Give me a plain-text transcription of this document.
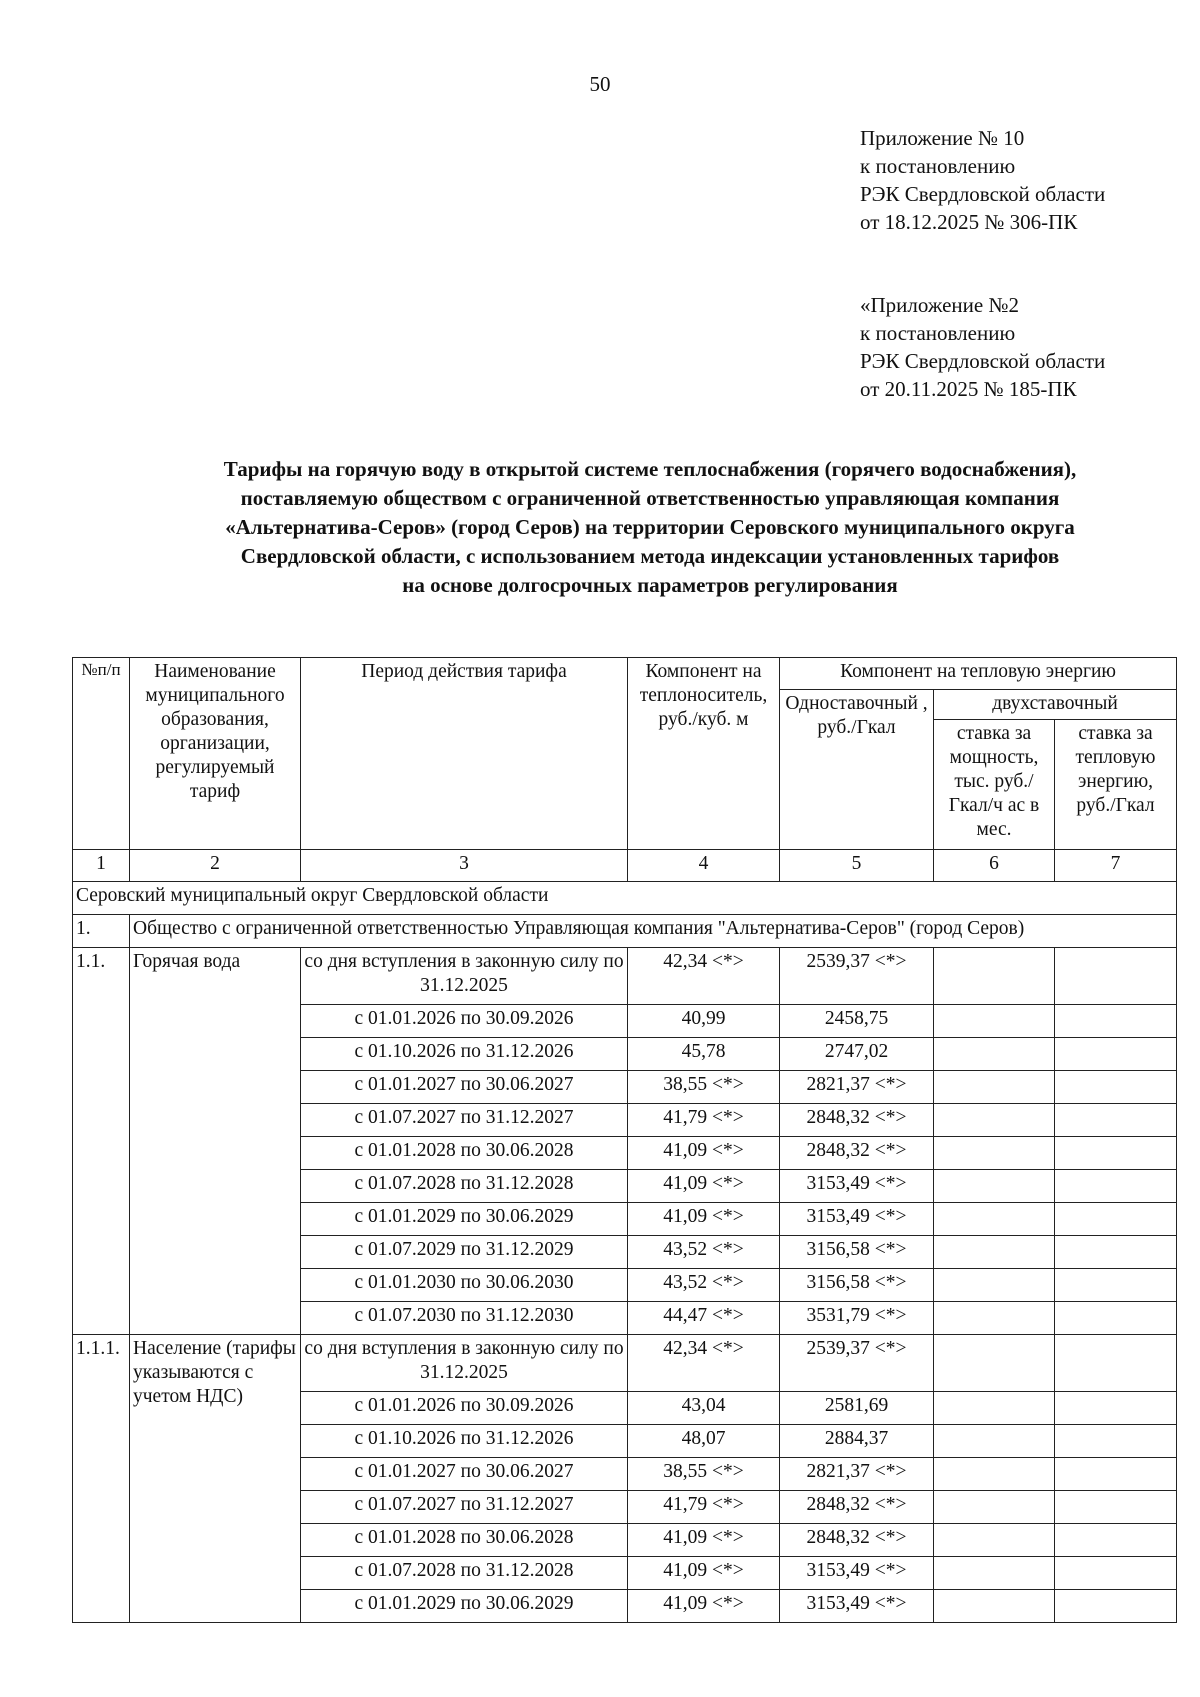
50
Приложение № 10
к постановлению
РЭК Свердловской области
от 18.12.2025 № 306-ПК
«Приложение №2
к постановлению
РЭК Свердловской области
от 20.11.2025 № 185-ПК
Тарифы на горячую воду в открытой системе теплоснабжения (горячего водоснабжения),
поставляемую обществом с ограниченной ответственностью управляющая компания
«Альтернатива-Серов» (город Серов) на территории Серовского муниципального округа
Свердловской области, с использованием метода индексации установленных тарифов
на основе долгосрочных параметров регулирования
№п/п	Наименование муниципального образования, организации, регулируемый тариф	Период действия тарифа	Компонент на теплоноситель, руб./куб. м	Компонент на тепловую энергию		
				Одноставочный , руб./Гкал	двухставочный	
					ставка за мощность, тыс. руб./Гкал/ч ас в мес.	ставка за тепловую энергию, руб./Гкал
1	2	3	4	5	6	7
Серовский муниципальный округ Свердловской области						
1.	Общество с ограниченной ответственностью Управляющая компания "Альтернатива-Серов" (город Серов)					
1.1.	Горячая вода	со дня вступления в законную силу по 31.12.2025	42,34 <*>	2539,37 <*>		
		с 01.01.2026 по 30.09.2026	40,99	2458,75		
		с 01.10.2026 по 31.12.2026	45,78	2747,02		
		с 01.01.2027 по 30.06.2027	38,55 <*>	2821,37 <*>		
		с 01.07.2027 по 31.12.2027	41,79 <*>	2848,32 <*>		
		с 01.01.2028 по 30.06.2028	41,09 <*>	2848,32 <*>		
		с 01.07.2028 по 31.12.2028	41,09 <*>	3153,49 <*>		
		с 01.01.2029 по 30.06.2029	41,09 <*>	3153,49 <*>		
		с 01.07.2029 по 31.12.2029	43,52 <*>	3156,58 <*>		
		с 01.01.2030 по 30.06.2030	43,52 <*>	3156,58 <*>		
		с 01.07.2030 по 31.12.2030	44,47 <*>	3531,79 <*>		
1.1.1.	Население (тарифы указываются с учетом НДС)	со дня вступления в законную силу по 31.12.2025	42,34 <*>	2539,37 <*>		
		с 01.01.2026 по 30.09.2026	43,04	2581,69		
		с 01.10.2026 по 31.12.2026	48,07	2884,37		
		с 01.01.2027 по 30.06.2027	38,55 <*>	2821,37 <*>		
		с 01.07.2027 по 31.12.2027	41,79 <*>	2848,32 <*>		
		с 01.01.2028 по 30.06.2028	41,09 <*>	2848,32 <*>		
		с 01.07.2028 по 31.12.2028	41,09 <*>	3153,49 <*>		
		с 01.01.2029 по 30.06.2029	41,09 <*>	3153,49 <*>		
